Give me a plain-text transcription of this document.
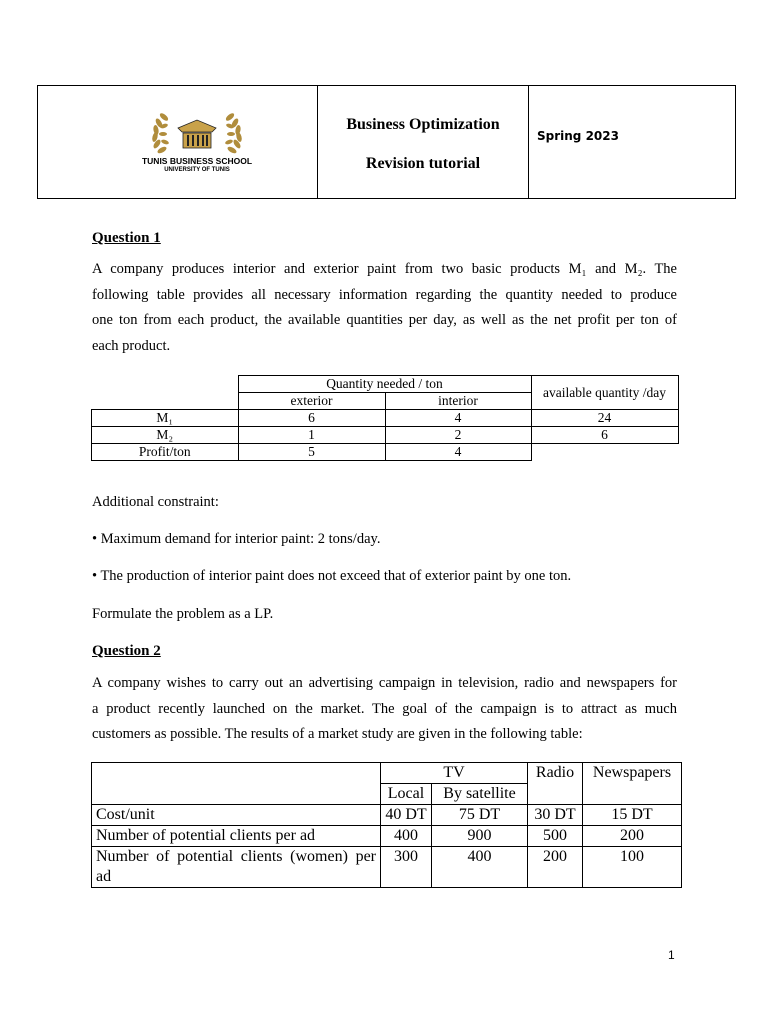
TUNIS BUSINESS SCHOOL
UNIVERSITY OF TUNIS
Business Optimization
Revision tutorial
Spring 2023
Question 1
A company produces interior and exterior paint from two basic products M₁ and M₂. The
following table provides all necessary information regarding the quantity needed to produce
one ton from each product, the available quantities per day, as well as the net profit per ton of
each product.
	Quantity needed / ton		available quantity /day
	exterior	interior	
M₁	6	4	24
M₂	1	2	6
Profit/ton	5	4	
Additional constraint:
• Maximum demand for interior paint: 2 tons/day.
• The production of interior paint does not exceed that of exterior paint by one ton.
Formulate the problem as a LP.
Question 2
A company wishes to carry out an advertising campaign in television, radio and newspapers for
a product recently launched on the market. The goal of the campaign is to attract as much
customers as possible. The results of a market study are given in the following table:
	TV		Radio	Newspapers
	Local	By satellite		
Cost/unit	40 DT	75 DT	30 DT	15 DT
Number of potential clients per ad	400	900	500	200
Number of potential clients (women) per ad	300	400	200	100
1
